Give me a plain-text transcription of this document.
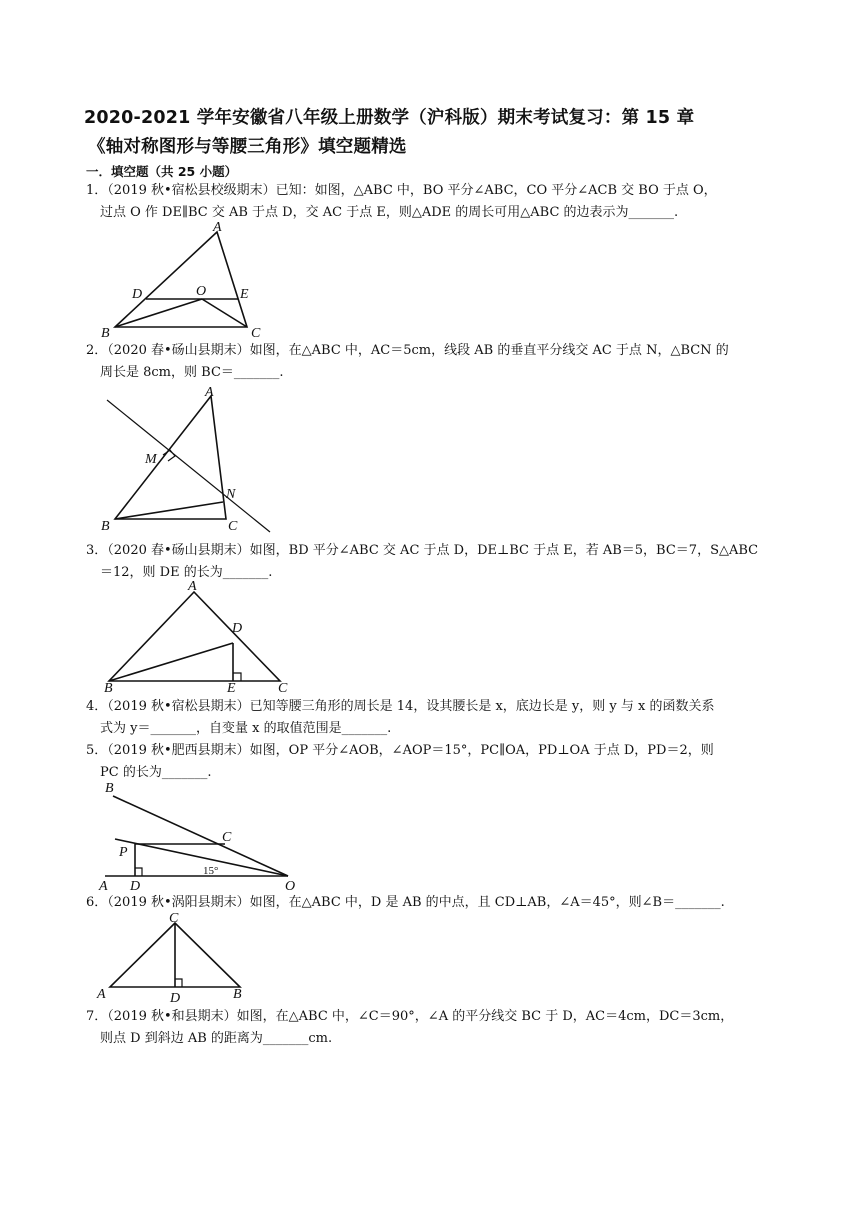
2020-2021 学年安徽省八年级上册数学（沪科版）期末考试复习：第 15 章
《轴对称图形与等腰三角形》填空题精选
一．填空题（共 25 小题）
1．（2019 秋•宿松县校级期末）已知：如图，△ABC 中，BO 平分∠ABC，CO 平分∠ACB 交 BO 于点 O，
过点 O 作 DE∥BC 交 AB 于点 D，交 AC 于点 E，则△ADE 的周长可用△ABC 的边表示为_______.
A
D	O E
B	C
2．（2020 春•砀山县期末）如图，在△ABC 中，AC＝5cm，线段 AB 的垂直平分线交 AC 于点 N，△BCN 的
周长是 8cm，则 BC＝_______.
A
M
N
B	C
3．（2020 春•砀山县期末）如图，BD 平分∠ABC 交 AC 于点 D，DE⊥BC 于点 E，若 AB＝5，BC＝7，S△ABC
＝12，则 DE 的长为_______.
A
D
B	E	C
4．（2019 秋•宿松县期末）已知等腰三角形的周长是 14，设其腰长是 x，底边长是 y，则 y 与 x 的函数关系
式为 y＝_______，自变量 x 的取值范围是_______.
5．（2019 秋•肥西县期末）如图，OP 平分∠AOB，∠AOP＝15°，PC∥OA，PD⊥OA 于点 D，PD＝2，则
PC 的长为_______.
B
C
P
15°
A D	O
6．（2019 秋•涡阳县期末）如图，在△ABC 中，D 是 AB 的中点，且 CD⊥AB，∠A＝45°，则∠B＝_______.
C
A	D	B
7．（2019 秋•和县期末）如图，在△ABC 中，∠C＝90°，∠A 的平分线交 BC 于 D，AC＝4cm，DC＝3cm，
则点 D 到斜边 AB 的距离为_______cm.
